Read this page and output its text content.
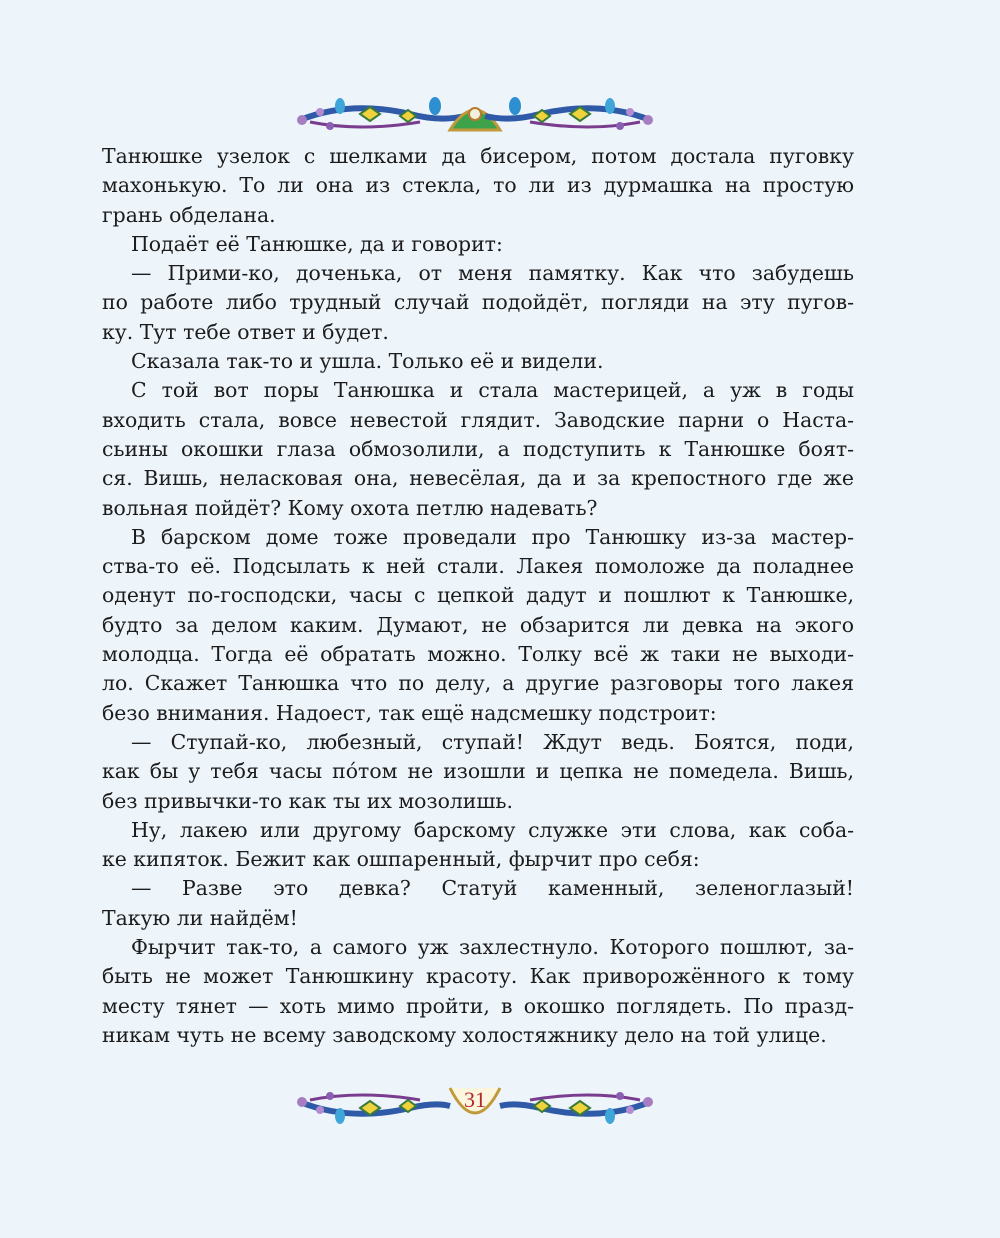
Танюшке узелок с шелками да бисером, потом достала пуговку
махонькую. То ли она из стекла, то ли из дурмашка на простую
грань обделана.
Подаёт её Танюшке, да и говорит:
— Прими-ко, доченька, от меня памятку. Как что забудешь
по работе либо трудный случай подойдёт, погляди на эту пугов-
ку. Тут тебе ответ и будет.
Сказала так-то и ушла. Только её и видели.
С той вот поры Танюшка и стала мастерицей, а уж в годы
входить стала, вовсе невестой глядит. Заводские парни о Наста-
сьины окошки глаза обмозолили, а подступить к Танюшке боят-
ся. Вишь, неласковая она, невесёлая, да и за крепостного где же
вольная пойдёт? Кому охота петлю надевать?
В барском доме тоже проведали про Танюшку из-за мастер-
ства-то её. Подсылать к ней стали. Лакея помоложе да поладнее
оденут по-господски, часы с цепкой дадут и пошлют к Танюшке,
будто за делом каким. Думают, не обзарится ли девка на экого
молодца. Тогда её обратать можно. Толку всё ж таки не выходи-
ло. Скажет Танюшка что по делу, а другие разговоры того лакея
безо внимания. Надоест, так ещё надсмешку подстроит:
— Ступай-ко, любезный, ступай! Ждут ведь. Боятся, поди,
как бы у тебя часы по́том не изошли и цепка не помедела. Вишь,
без привычки-то как ты их мозолишь.
Ну, лакею или другому барскому служке эти слова, как соба-
ке кипяток. Бежит как ошпаренный, фырчит про себя:
— Разве это девка? Статуй каменный, зеленоглазый!
Такую ли найдём!
Фырчит так-то, а самого уж захлестнуло. Которого пошлют, за-
быть не может Танюшкину красоту. Как приворожённого к тому
месту тянет — хоть мимо пройти, в окошко поглядеть. По празд-
никам чуть не всему заводскому холостяжнику дело на той улице.
31
